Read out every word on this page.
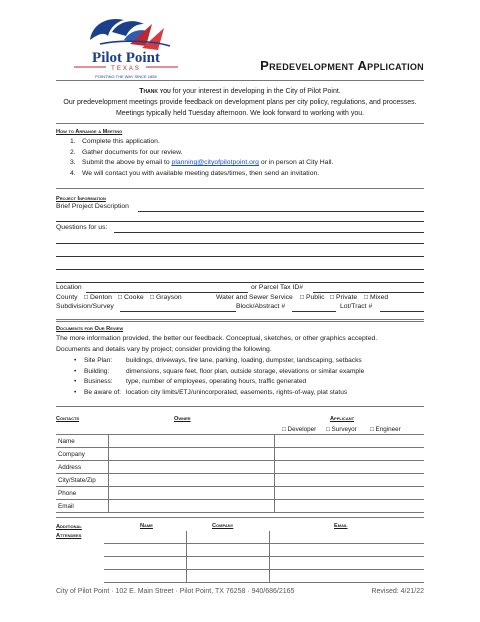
Pilot Point
TEXAS
POINTING THE WAY SINCE 1855
Predevelopment Application
Thank you for your interest in developing in the City of Pilot Point.
Our predevelopment meetings provide feedback on development plans per city policy, regulations, and processes.
Meetings typically held Tuesday afternoon. We look forward to working with you.
How to Arrange a Meeting
1. Complete this application.
2. Gather documents for our review.
3. Submit the above by email to planning@cityofpilotpoint.org or in person at City Hall.
4. We will contact you with available meeting dates/times, then send an invitation.
Project Information
Brief Project Description
Questions for us:
Location	or Parcel Tax ID#
County □ Denton □ Cooke □ Grayson	Water and Sewer Service □ Public □ Private □ Mixed
Subdivision/Survey	Block/Abstract #	Lot/Tract #
Documents for Our Review
The more information provided, the better our feedback. Conceptual, sketches, or other graphics accepted.
Documents and details vary by project; consider providing the following.
• Site Plan: buildings, driveways, fire lane, parking, loading, dumpster, landscaping, setbacks
• Building:	dimensions, square feet, floor plan, outside storage, elevations or similar example
• Business: type, number of employees, operating hours, traffic generated
• Be aware of: location city limits/ETJ/unincorporated, easements, rights-of-way, plat status
Contacts	Owner	Applicant
□ Developer □ Surveyor □ Engineer
Name		
Company		
Address		
City/State/Zip		
Phone		
Email		
Additional
Attendees
Name	Company	Email

City of Pilot Point · 102 E. Main Street · Pilot Point, TX 76258 · 940/686/2165	Revised: 4/21/22
